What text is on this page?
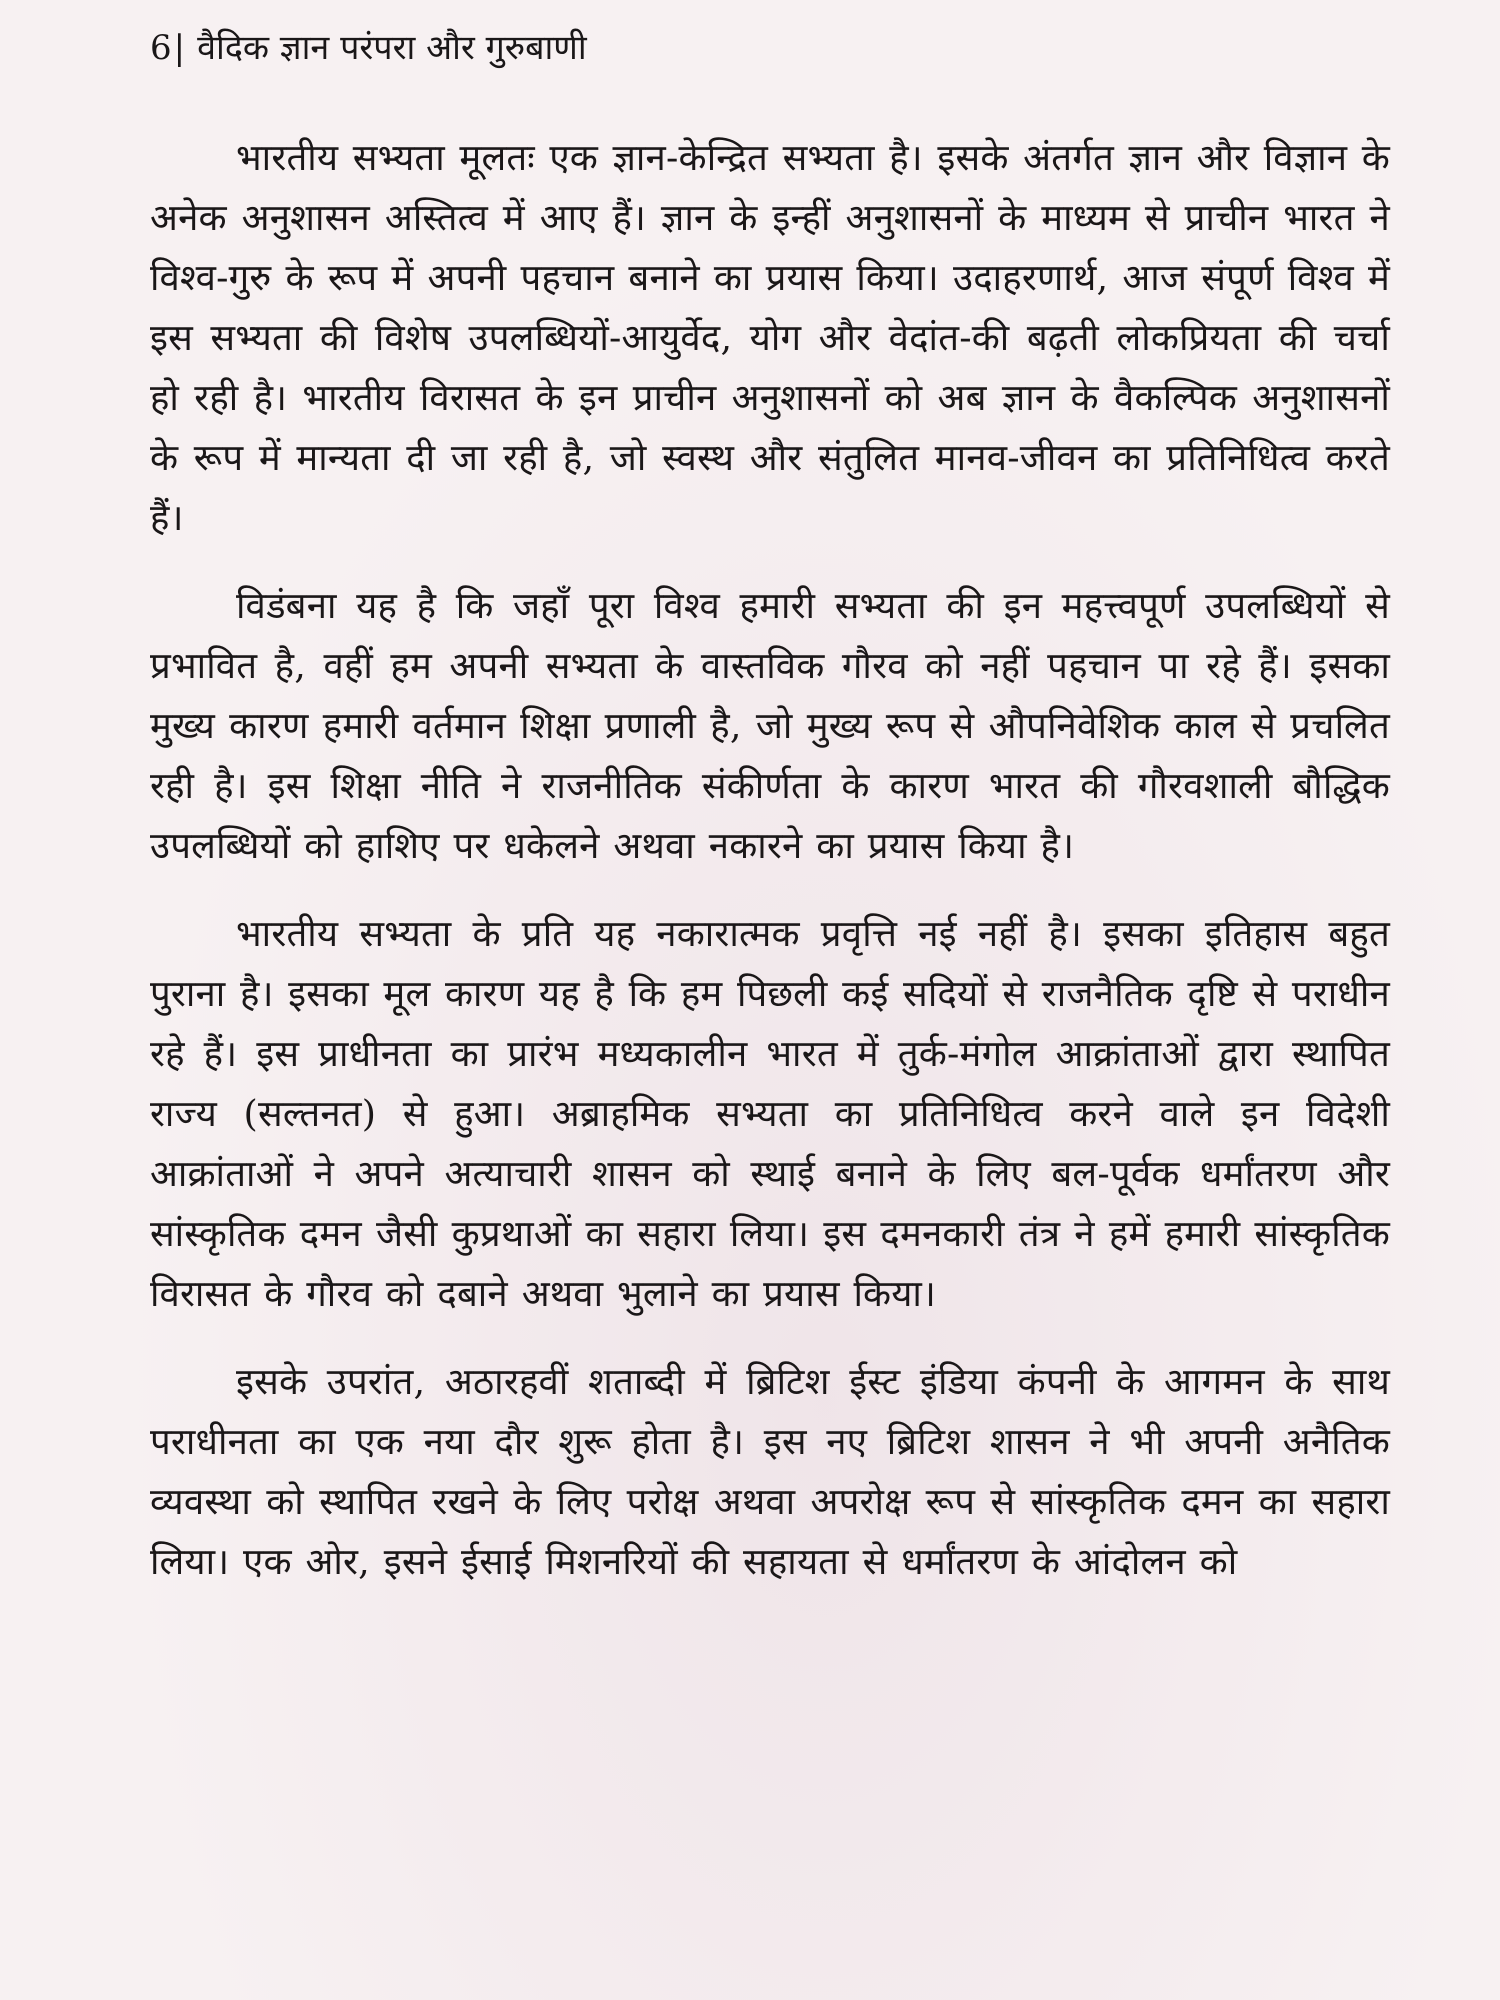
6| वैदिक ज्ञान परंपरा और गुरुबाणी

भारतीय सभ्यता मूलतः एक ज्ञान-केन्द्रित सभ्यता है। इसके अंतर्गत ज्ञान और विज्ञान के अनेक अनुशासन अस्तित्व में आए हैं। ज्ञान के इन्हीं अनुशासनों के माध्यम से प्राचीन भारत ने विश्व-गुरु के रूप में अपनी पहचान बनाने का प्रयास किया। उदाहरणार्थ, आज संपूर्ण विश्व में इस सभ्यता की विशेष उपलब्धियों-आयुर्वेद, योग और वेदांत-की बढ़ती लोकप्रियता की चर्चा हो रही है। भारतीय विरासत के इन प्राचीन अनुशासनों को अब ज्ञान के वैकल्पिक अनुशासनों के रूप में मान्यता दी जा रही है, जो स्वस्थ और संतुलित मानव-जीवन का प्रतिनिधित्व करते हैं।

विडंबना यह है कि जहाँ पूरा विश्व हमारी सभ्यता की इन महत्त्वपूर्ण उपलब्धियों से प्रभावित है, वहीं हम अपनी सभ्यता के वास्तविक गौरव को नहीं पहचान पा रहे हैं। इसका मुख्य कारण हमारी वर्तमान शिक्षा प्रणाली है, जो मुख्य रूप से औपनिवेशिक काल से प्रचलित रही है। इस शिक्षा नीति ने राजनीतिक संकीर्णता के कारण भारत की गौरवशाली बौद्धिक उपलब्धियों को हाशिए पर धकेलने अथवा नकारने का प्रयास किया है।

भारतीय सभ्यता के प्रति यह नकारात्मक प्रवृत्ति नई नहीं है। इसका इतिहास बहुत पुराना है। इसका मूल कारण यह है कि हम पिछली कई सदियों से राजनैतिक दृष्टि से पराधीन रहे हैं। इस प्राधीनता का प्रारंभ मध्यकालीन भारत में तुर्क-मंगोल आक्रांताओं द्वारा स्थापित राज्य (सल्तनत) से हुआ। अब्राहमिक सभ्यता का प्रतिनिधित्व करने वाले इन विदेशी आक्रांताओं ने अपने अत्याचारी शासन को स्थाई बनाने के लिए बल-पूर्वक धर्मांतरण और सांस्कृतिक दमन जैसी कुप्रथाओं का सहारा लिया। इस दमनकारी तंत्र ने हमें हमारी सांस्कृतिक विरासत के गौरव को दबाने अथवा भुलाने का प्रयास किया।

इसके उपरांत, अठारहवीं शताब्दी में ब्रिटिश ईस्ट इंडिया कंपनी के आगमन के साथ पराधीनता का एक नया दौर शुरू होता है। इस नए ब्रिटिश शासन ने भी अपनी अनैतिक व्यवस्था को स्थापित रखने के लिए परोक्ष अथवा अपरोक्ष रूप से सांस्कृतिक दमन का सहारा लिया। एक ओर, इसने ईसाई मिशनरियों की सहायता से धर्मांतरण के आंदोलन को
